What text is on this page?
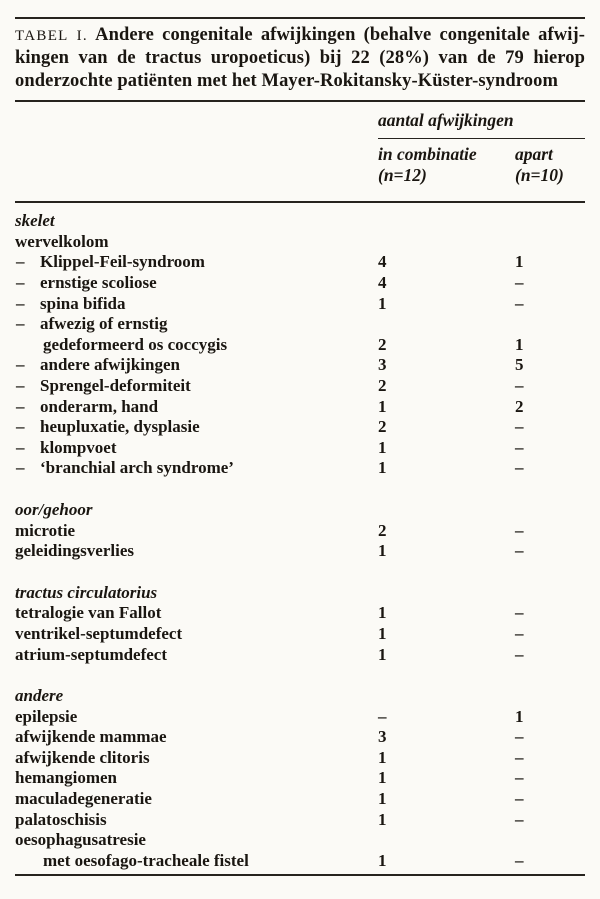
TABEL I. Andere congenitale afwijkingen (behalve congenitale afwij-
kingen van de tractus uropoeticus) bij 22 (28%) van de 79 hierop
onderzochte patiënten met het Mayer-Rokitansky-Küster-syndroom
aantal afwijkingen
in combinatie
(n=12)
apart
(n=10)
skelet
wervelkolom
– Klippel-Feil-syndroom	4	1
– ernstige scoliose	4	–
– spina bifida	1	–
– afwezig of ernstig
gedeformeerd os coccygis	2	1
– andere afwijkingen	3	5
– Sprengel-deformiteit	2	–
– onderarm, hand	1	2
– heupluxatie, dysplasie	2	–
– klompvoet	1	–
– ‘branchial arch syndrome’	1	–
oor/gehoor
microtie	2	–
geleidingsverlies	1	–
tractus circulatorius
tetralogie van Fallot	1	–
ventrikel-septumdefect	1	–
atrium-septumdefect	1	–
andere
epilepsie	–	1
afwijkende mammae	3	–
afwijkende clitoris	1	–
hemangiomen	1	–
maculadegeneratie	1	–
palatoschisis	1	–
oesophagusatresie
met oesofago-tracheale fistel	1	–
